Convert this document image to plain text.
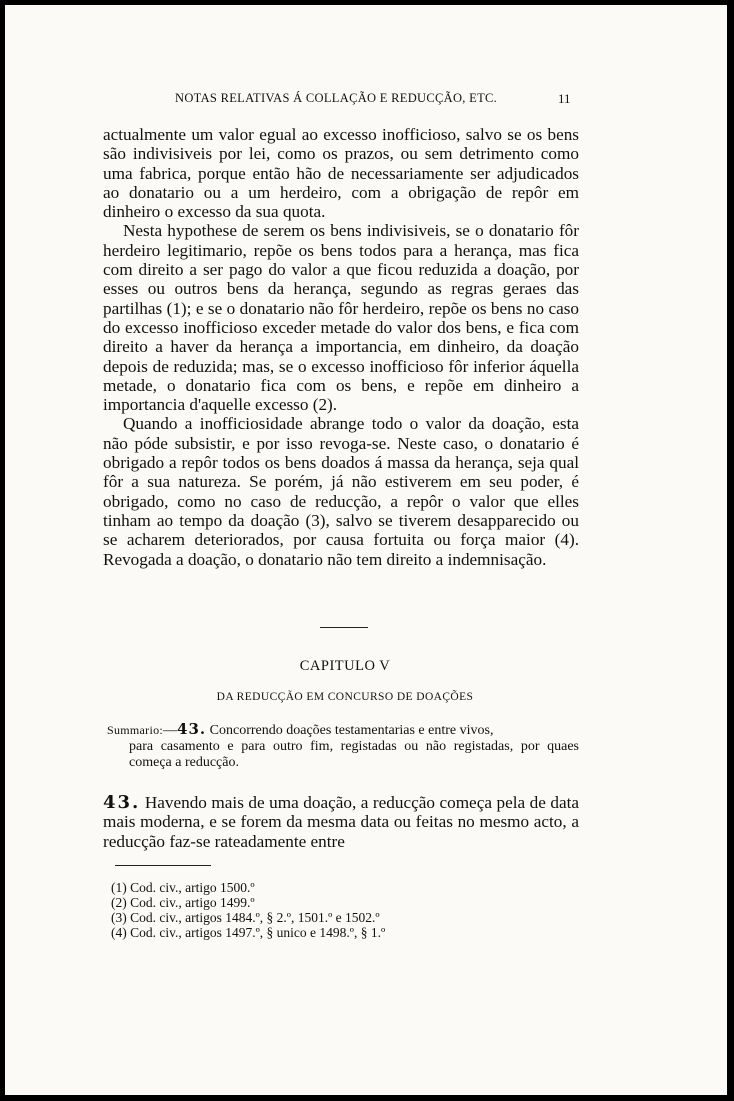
NOTAS RELATIVAS Á COLLAÇÃO E REDUCÇÃO, ETC.	11

actualmente um valor egual ao excesso inofficioso, salvo se os bens são indivisiveis por lei, como os prazos, ou sem detrimento como uma fabrica, porque então hão de necessariamente ser adjudicados ao donatario ou a um herdeiro, com a obrigação de repôr em dinheiro o excesso da sua quota.

Nesta hypothese de serem os bens indivisiveis, se o donatario fôr herdeiro legitimario, repõe os bens todos para a herança, mas fica com direito a ser pago do valor a que ficou reduzida a doação, por esses ou outros bens da herança, segundo as regras geraes das partilhas (1); e se o donatario não fôr herdeiro, repõe os bens no caso do excesso inofficioso exceder metade do valor dos bens, e fica com direito a haver da herança a importancia, em dinheiro, da doação depois de reduzida; mas, se o excesso inofficioso fôr inferior áquella metade, o donatario fica com os bens, e repõe em dinheiro a importancia d'aquelle excesso (2).

Quando a inofficiosidade abrange todo o valor da doação, esta não póde subsistir, e por isso revoga-se. Neste caso, o donatario é obrigado a repôr todos os bens doados á massa da herança, seja qual fôr a sua natureza. Se porém, já não estiverem em seu poder, é obrigado, como no caso de reducção, a repôr o valor que elles tinham ao tempo da doação (3), salvo se tiverem desapparecido ou se acharem deteriorados, por causa fortuita ou força maior (4). Revogada a doação, o donatario não tem direito a indemnisação.

CAPITULO V
DA REDUCÇÃO EM CONCURSO DE DOAÇÕES
Summario:—43. Concorrendo doações testamentarias e entre vivos,
para casamento e para outro fim, registadas ou não registadas, por quaes começa a reducção.
43. Havendo mais de uma doação, a reducção começa pela de data mais moderna, e se forem da mesma data ou feitas no mesmo acto, a reducção faz-se rateadamente entre
(1) Cod. civ., artigo 1500.º
(2) Cod. civ., artigo 1499.º
(3) Cod. civ., artigos 1484.º, § 2.º, 1501.º e 1502.º
(4) Cod. civ., artigos 1497.º, § unico e 1498.º, § 1.º
